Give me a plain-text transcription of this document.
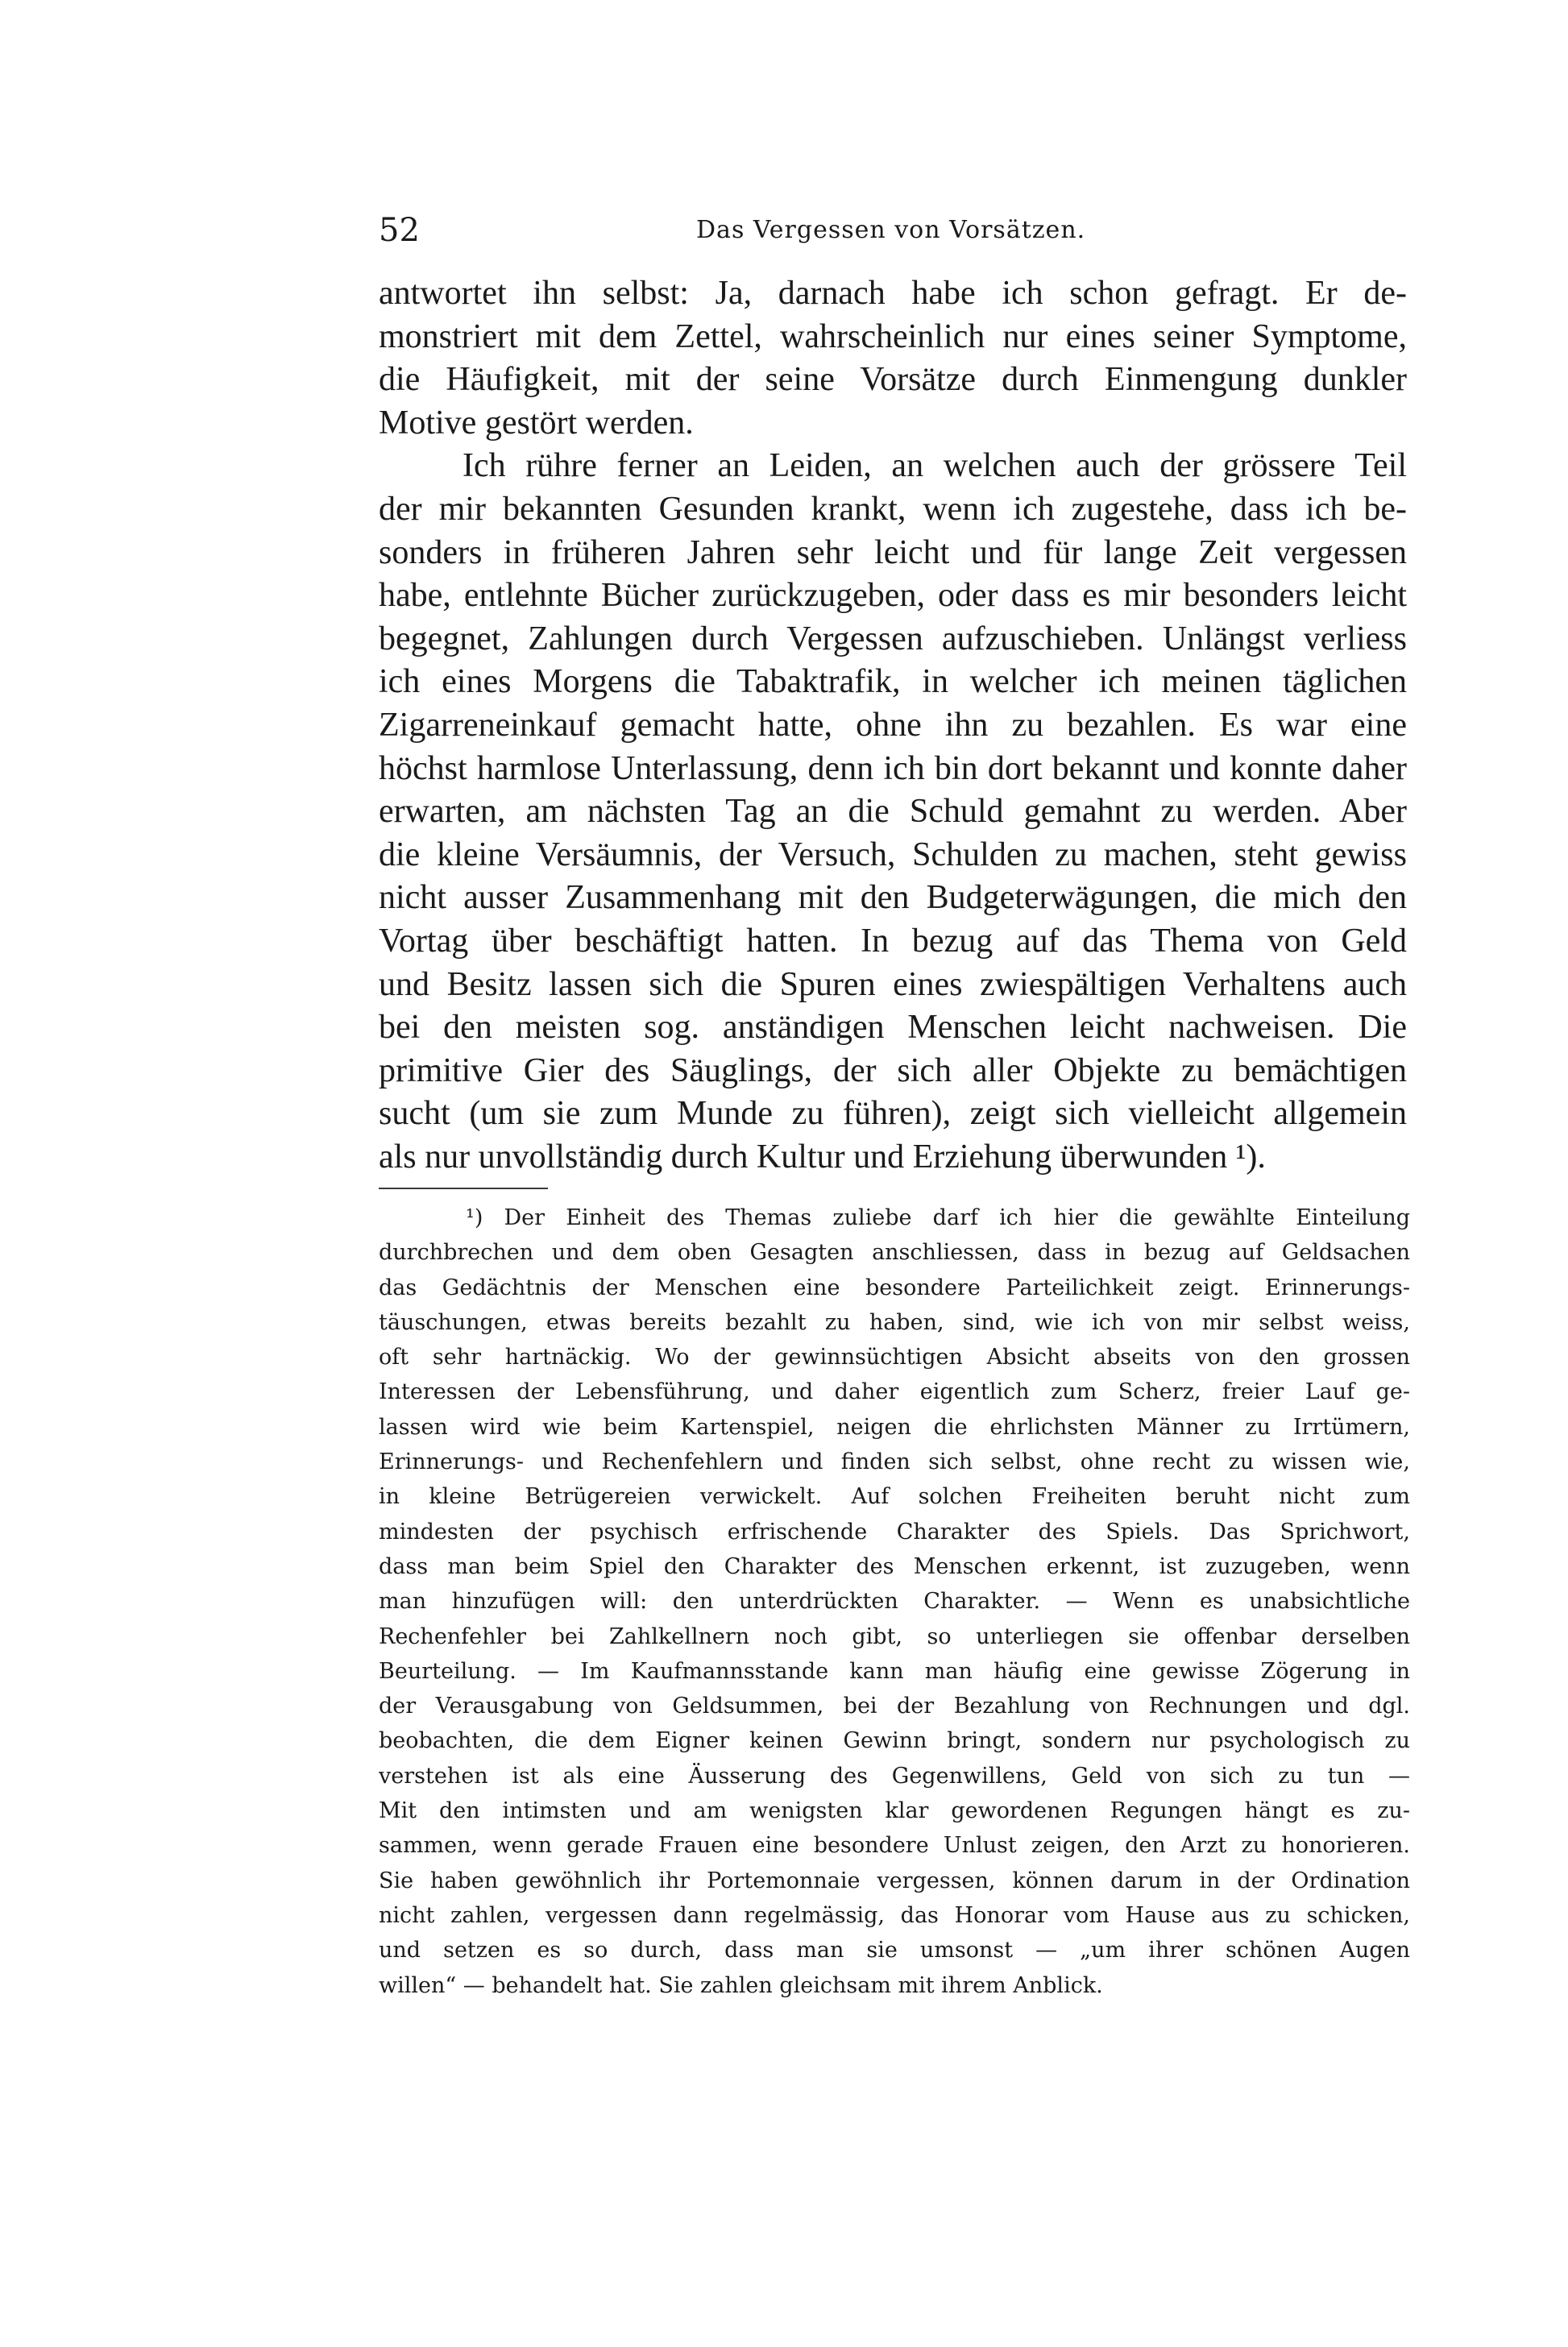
52	Das Vergessen von Vorsätzen.
antwortet ihn selbst: Ja, darnach habe ich schon gefragt. Er de-
monstriert mit dem Zettel, wahrscheinlich nur eines seiner Symptome,
die Häufigkeit, mit der seine Vorsätze durch Einmengung dunkler
Motive gestört werden.
Ich rühre ferner an Leiden, an welchen auch der grössere Teil
der mir bekannten Gesunden krankt, wenn ich zugestehe, dass ich be-
sonders in früheren Jahren sehr leicht und für lange Zeit vergessen
habe, entlehnte Bücher zurückzugeben, oder dass es mir besonders leicht
begegnet, Zahlungen durch Vergessen aufzuschieben. Unlängst verliess
ich eines Morgens die Tabaktrafik, in welcher ich meinen täglichen
Zigarreneinkauf gemacht hatte, ohne ihn zu bezahlen. Es war eine
höchst harmlose Unterlassung, denn ich bin dort bekannt und konnte daher
erwarten, am nächsten Tag an die Schuld gemahnt zu werden. Aber
die kleine Versäumnis, der Versuch, Schulden zu machen, steht gewiss
nicht ausser Zusammenhang mit den Budgeterwägungen, die mich den
Vortag über beschäftigt hatten. In bezug auf das Thema von Geld
und Besitz lassen sich die Spuren eines zwiespältigen Verhaltens auch
bei den meisten sog. anständigen Menschen leicht nachweisen. Die
primitive Gier des Säuglings, der sich aller Objekte zu bemächtigen
sucht (um sie zum Munde zu führen), zeigt sich vielleicht allgemein
als nur unvollständig durch Kultur und Erziehung überwunden ¹).
¹) Der Einheit des Themas zuliebe darf ich hier die gewählte Einteilung
durchbrechen und dem oben Gesagten anschliessen, dass in bezug auf Geldsachen
das Gedächtnis der Menschen eine besondere Parteilichkeit zeigt. Erinnerungs-
täuschungen, etwas bereits bezahlt zu haben, sind, wie ich von mir selbst weiss,
oft sehr hartnäckig. Wo der gewinnsüchtigen Absicht abseits von den grossen
Interessen der Lebensführung, und daher eigentlich zum Scherz, freier Lauf ge-
lassen wird wie beim Kartenspiel, neigen die ehrlichsten Männer zu Irrtümern,
Erinnerungs- und Rechenfehlern und finden sich selbst, ohne recht zu wissen wie,
in kleine Betrügereien verwickelt. Auf solchen Freiheiten beruht nicht zum
mindesten der psychisch erfrischende Charakter des Spiels. Das Sprichwort,
dass man beim Spiel den Charakter des Menschen erkennt, ist zuzugeben, wenn
man hinzufügen will: den unterdrückten Charakter. — Wenn es unabsichtliche
Rechenfehler bei Zahlkellnern noch gibt, so unterliegen sie offenbar derselben
Beurteilung. — Im Kaufmannsstande kann man häufig eine gewisse Zögerung in
der Verausgabung von Geldsummen, bei der Bezahlung von Rechnungen und dgl.
beobachten, die dem Eigner keinen Gewinn bringt, sondern nur psychologisch zu
verstehen ist als eine Äusserung des Gegenwillens, Geld von sich zu tun —
Mit den intimsten und am wenigsten klar gewordenen Regungen hängt es zu-
sammen, wenn gerade Frauen eine besondere Unlust zeigen, den Arzt zu honorieren.
Sie haben gewöhnlich ihr Portemonnaie vergessen, können darum in der Ordination
nicht zahlen, vergessen dann regelmässig, das Honorar vom Hause aus zu schicken,
und setzen es so durch, dass man sie umsonst — „um ihrer schönen Augen
willen“ — behandelt hat. Sie zahlen gleichsam mit ihrem Anblick.
